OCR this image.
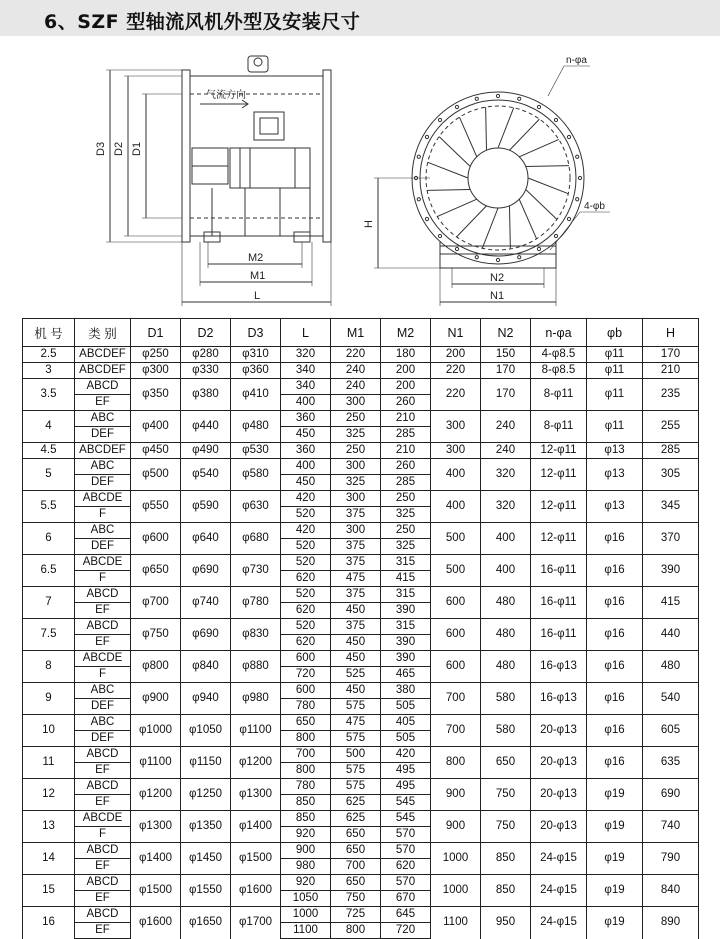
6、SZF 型轴流风机外型及安装尺寸
D3 D2 D1
M2
M1
L
气流方向
n-φa
4-φb
H
N2
N1
机 号	类 别	D1	D2	D3	L	M1	M2	N1	N2	n-φa	φb	H
2.5	ABCDEF	φ250	φ280	φ310	320	220	180	200	150	4-φ8.5	φ11	170
3	ABCDEF	φ300	φ330	φ360	340	240	200	220	170	8-φ8.5	φ11	210
3.5	ABCD	φ350	φ380	φ410	340	240	200	220	170	8-φ11	φ11	235
	EF				400	300	260					
4	ABC	φ400	φ440	φ480	360	250	210	300	240	8-φ11	φ11	255
	DEF				450	325	285					
4.5	ABCDEF	φ450	φ490	φ530	360	250	210	300	240	12-φ11	φ13	285
5	ABC	φ500	φ540	φ580	400	300	260	400	320	12-φ11	φ13	305
	DEF				450	325	285					
5.5	ABCDE	φ550	φ590	φ630	420	300	250	400	320	12-φ11	φ13	345
	F				520	375	325					
6	ABC	φ600	φ640	φ680	420	300	250	500	400	12-φ11	φ16	370
	DEF				520	375	325					
6.5	ABCDE	φ650	φ690	φ730	520	375	315	500	400	16-φ11	φ16	390
	F				620	475	415					
7	ABCD	φ700	φ740	φ780	520	375	315	600	480	16-φ11	φ16	415
	EF				620	450	390					
7.5	ABCD	φ750	φ690	φ830	520	375	315	600	480	16-φ11	φ16	440
	EF				620	450	390					
8	ABCDE	φ800	φ840	φ880	600	450	390	600	480	16-φ13	φ16	480
	F				720	525	465					
9	ABC	φ900	φ940	φ980	600	450	380	700	580	16-φ13	φ16	540
	DEF				780	575	505					
10	ABC	φ1000	φ1050	φ1100	650	475	405	700	580	20-φ13	φ16	605
	DEF				800	575	505					
11	ABCD	φ1100	φ1150	φ1200	700	500	420	800	650	20-φ13	φ16	635
	EF				800	575	495					
12	ABCD	φ1200	φ1250	φ1300	780	575	495	900	750	20-φ13	φ19	690
	EF				850	625	545					
13	ABCDE	φ1300	φ1350	φ1400	850	625	545	900	750	20-φ13	φ19	740
	F				920	650	570					
14	ABCD	φ1400	φ1450	φ1500	900	650	570	1000	850	24-φ15	φ19	790
	EF				980	700	620					
15	ABCD	φ1500	φ1550	φ1600	920	650	570	1000	850	24-φ15	φ19	840
	EF				1050	750	670					
16	ABCD	φ1600	φ1650	φ1700	1000	725	645	1100	950	24-φ15	φ19	890
	EF				1100	800	720					
